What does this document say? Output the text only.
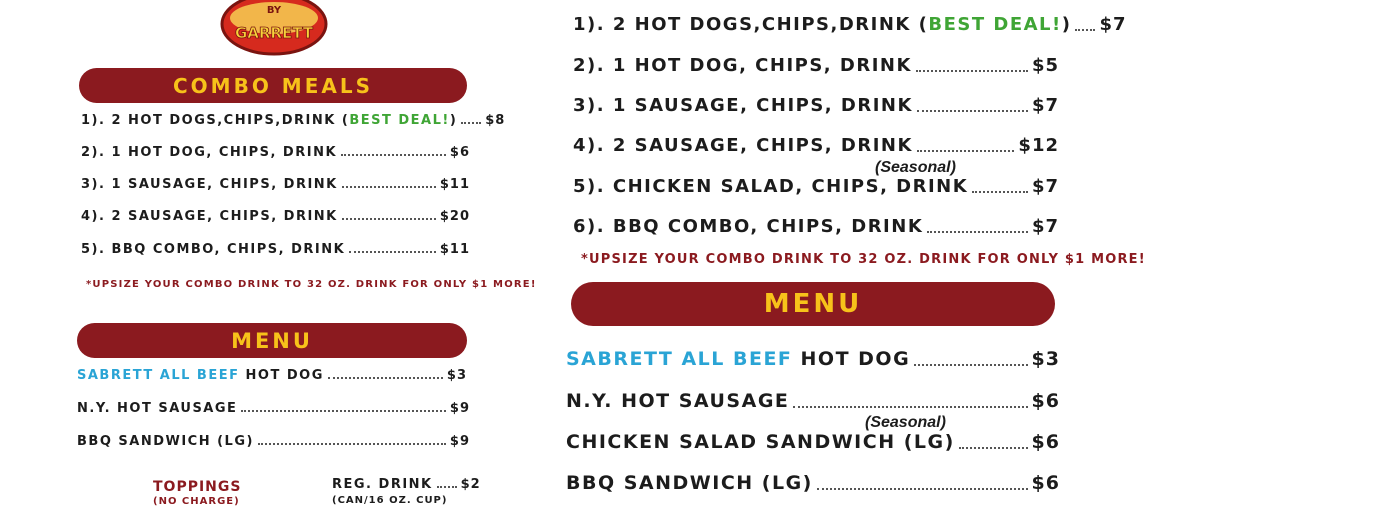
BY
GARRETT
COMBO MEALS
1). 2 HOT DOGS,CHIPS,DRINK (BEST DEAL!) $8
2). 1 HOT DOG, CHIPS, DRINK	$6
3). 1 SAUSAGE, CHIPS, DRINK	$11
4). 2 SAUSAGE, CHIPS, DRINK	$20
5). BBQ COMBO, CHIPS, DRINK	$11
*UPSIZE YOUR COMBO DRINK TO 32 OZ. DRINK FOR ONLY $1 MORE!
MENU
SABRETT ALL BEEF HOT DOG	$3
N.Y. HOT SAUSAGE	$9
BBQ SANDWICH (LG)	$9
TOPPINGS
(NO CHARGE)
REG. DRINK $2
(CAN/16 OZ. CUP)
1). 2 HOT DOGS,CHIPS,DRINK (BEST DEAL!) $7
2). 1 HOT DOG, CHIPS, DRINK	$5
3). 1 SAUSAGE, CHIPS, DRINK	$7
4). 2 SAUSAGE, CHIPS, DRINK	$12
(Seasonal)
5). CHICKEN SALAD, CHIPS, DRINK	$7
6). BBQ COMBO, CHIPS, DRINK	$7
*UPSIZE YOUR COMBO DRINK TO 32 OZ. DRINK FOR ONLY $1 MORE!
MENU
SABRETT ALL BEEF HOT DOG	$3
N.Y. HOT SAUSAGE	$6
(Seasonal)
CHICKEN SALAD SANDWICH (LG)	$6
BBQ SANDWICH (LG)	$6
